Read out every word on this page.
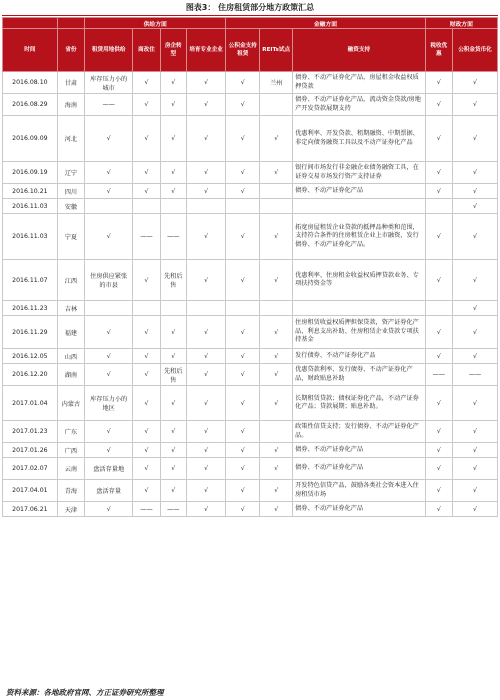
图表3： 住房租赁部分地方政策汇总
		供给方面				金融方面			财政方面	
时间	省份	租赁用地供给	商改住	房企转型	培育专业企业	公积金支持租赁	REITs试点	融资支持	税收优惠	公积金货币化
2016.08.10	甘肃	库存压力小的城市	√	√	√	√	兰州	债券、不动产证券化产品，房屋租金收益权质押贷款	√	√
2016.08.29	海南	——	√	√	√	√		债券、不动产证券化产品，流动资金贷款/房地产开发贷款展期支持	√	√
2016.09.09	河北	√	√	√	√	√	√	优惠利率、开发贷款、租期融资、中期票据、非定向债务融资工具以及不动产证券化产品	√	√
2016.09.19	辽宁	√	√	√	√	√	√	银行间市场发行非金融企业债务融资工具，在证券交易市场发行资产支持证券	√	√
2016.10.21	四川	√	√	√	√	√		债券、不动产证券化产品	√	√
2016.11.03	安徽									√
2016.11.03	宁夏	√	——	——	√	√	√	拓宽房屋租赁企业贷款的抵押品种类和范围，支持符合条件的住房租赁企业上市融资，发行债券、不动产证券化产品。	√	√
2016.11.07	江西	住房供应紧张的市县	√	先租后售	√	√	√	优惠利率、住房租金收益权质押贷款业务、专项扶持资金等	√	√
2016.11.23	吉林									√
2016.11.29	福建	√	√	√	√	√	√	住房租赁收益权质押担保贷款，资产证券化产品，利息支出补助、住房租赁企业贷款专项扶持基金	√	√
2016.12.05	山西	√	√	√	√	√	√	发行债券、不动产证券化产品	√	√
2016.12.20	湖南	√	√	先租后售	√	√	√	优惠贷款利率、发行债券、不动产证券化产品，财政贴息补助	——	——
2017.01.04	内蒙古	库存压力小的地区	√	√	√	√	√	长期租赁贷款；债权证券化产品，不动产证券化产品；贷款展期；贴息补助。	√	√
2017.01.23	广东	√	√	√	√	√		政策性信贷支持；发行债券、不动产证券化产品。	√	√
2017.01.26	广西	√	√	√	√	√	√	债券、不动产证券化产品	√	√
2017.02.07	云南	盘活存量地	√	√	√	√	√	债券、不动产证券化产品	√	√
2017.04.01	青海	盘活存量	√	√	√	√	√	开发特色信贷产品，鼓励各类社会资本进入住房租赁市场	√	√
2017.06.21	天津	√	——	——	√	√	√	债券、不动产证券化产品	√	√
资料来源：各地政府官网、方正证券研究所整理
